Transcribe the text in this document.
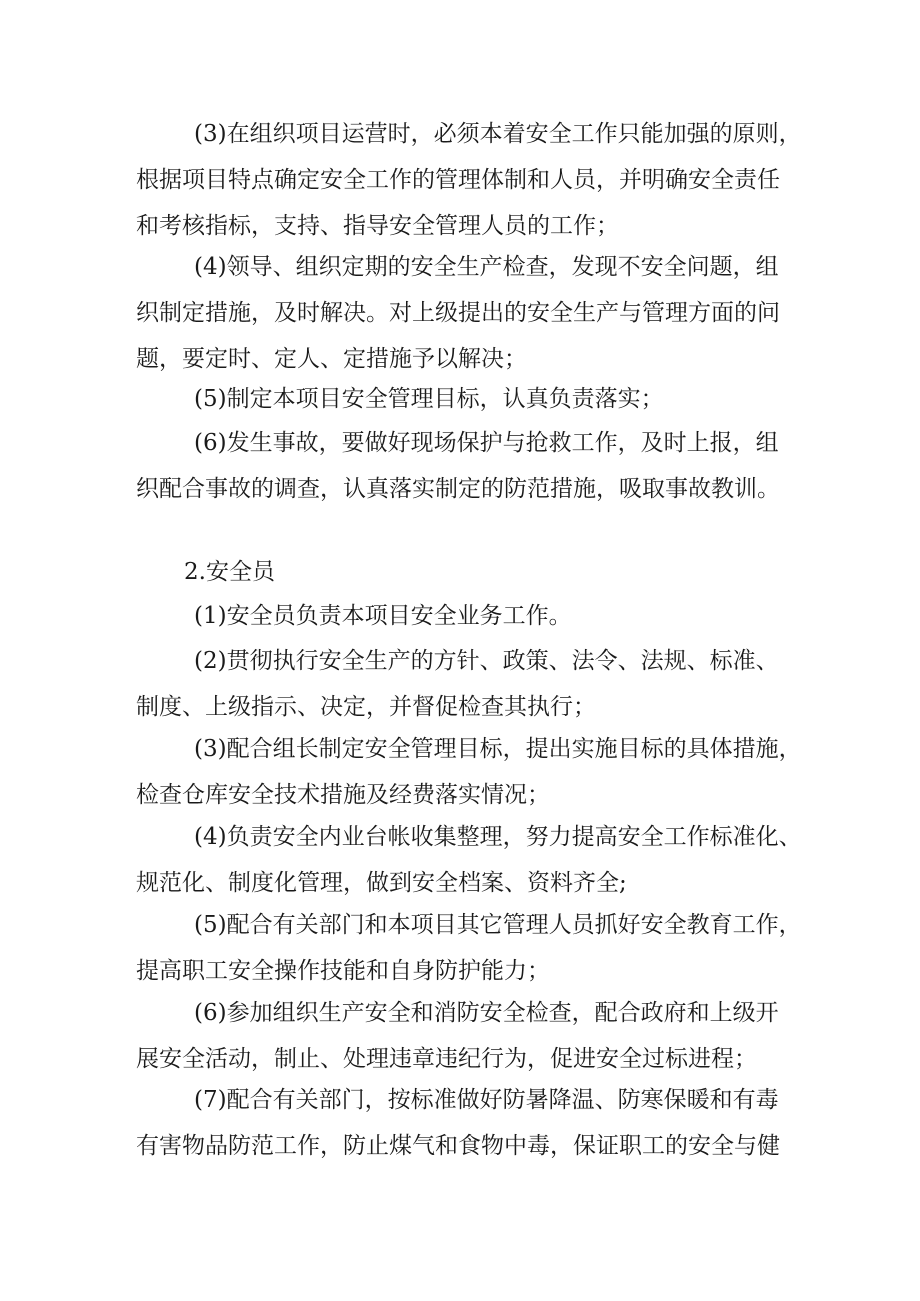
(3)在组织项目运营时，必须本着安全工作只能加强的原则，
根据项目特点确定安全工作的管理体制和人员，并明确安全责任
和考核指标，支持、指导安全管理人员的工作；
(4)领导、组织定期的安全生产检查，发现不安全问题，组
织制定措施，及时解决。对上级提出的安全生产与管理方面的问
题，要定时、定人、定措施予以解决；
(5)制定本项目安全管理目标，认真负责落实；
(6)发生事故，要做好现场保护与抢救工作，及时上报，组
织配合事故的调查，认真落实制定的防范措施，吸取事故教训。
2.安全员
(1)安全员负责本项目安全业务工作。
(2)贯彻执行安全生产的方针、政策、法令、法规、标准、
制度、上级指示、决定，并督促检查其执行；
(3)配合组长制定安全管理目标，提出实施目标的具体措施，
检查仓库安全技术措施及经费落实情况；
(4)负责安全内业台帐收集整理，努力提高安全工作标准化、
规范化、制度化管理，做到安全档案、资料齐全;
(5)配合有关部门和本项目其它管理人员抓好安全教育工作，
提高职工安全操作技能和自身防护能力；
(6)参加组织生产安全和消防安全检查，配合政府和上级开
展安全活动，制止、处理违章违纪行为，促进安全过标进程；
(7)配合有关部门，按标准做好防暑降温、防寒保暖和有毒
有害物品防范工作，防止煤气和食物中毒，保证职工的安全与健
